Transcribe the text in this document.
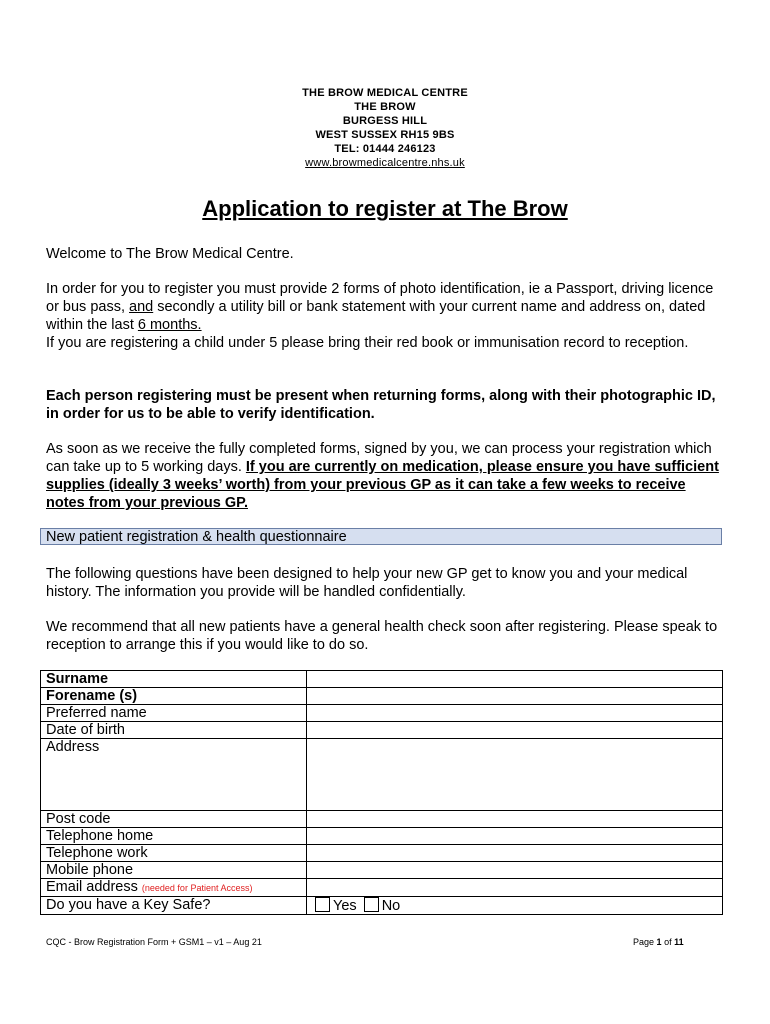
THE BROW MEDICAL CENTRE
THE BROW
BURGESS HILL
WEST SUSSEX RH15 9BS
TEL: 01444 246123
www.browmedicalcentre.nhs.uk
Application to register at The Brow
Welcome to The Brow Medical Centre.
In order for you to register you must provide 2 forms of photo identification, ie a Passport, driving licence or bus pass, and secondly a utility bill or bank statement with your current name and address on, dated within the last 6 months.
If you are registering a child under 5 please bring their red book or immunisation record to reception.
Each person registering must be present when returning forms, along with their photographic ID, in order for us to be able to verify identification.
As soon as we receive the fully completed forms, signed by you, we can process your registration which can take up to 5 working days. If you are currently on medication, please ensure you have sufficient supplies (ideally 3 weeks’ worth) from your previous GP as it can take a few weeks to receive notes from your previous GP.
New patient registration & health questionnaire
The following questions have been designed to help your new GP get to know you and your medical history. The information you provide will be handled confidentially.
We recommend that all new patients have a general health check soon after registering. Please speak to reception to arrange this if you would like to do so.
Surname	
Forename (s)	
Preferred name	
Date of birth	
Address	
Post code	
Telephone home	
Telephone work	
Mobile phone	
Email address (needed for Patient Access)	
Do you have a Key Safe?	Yes No
CQC - Brow Registration Form + GSM1 – v1 – Aug 21	Page 1 of 11
